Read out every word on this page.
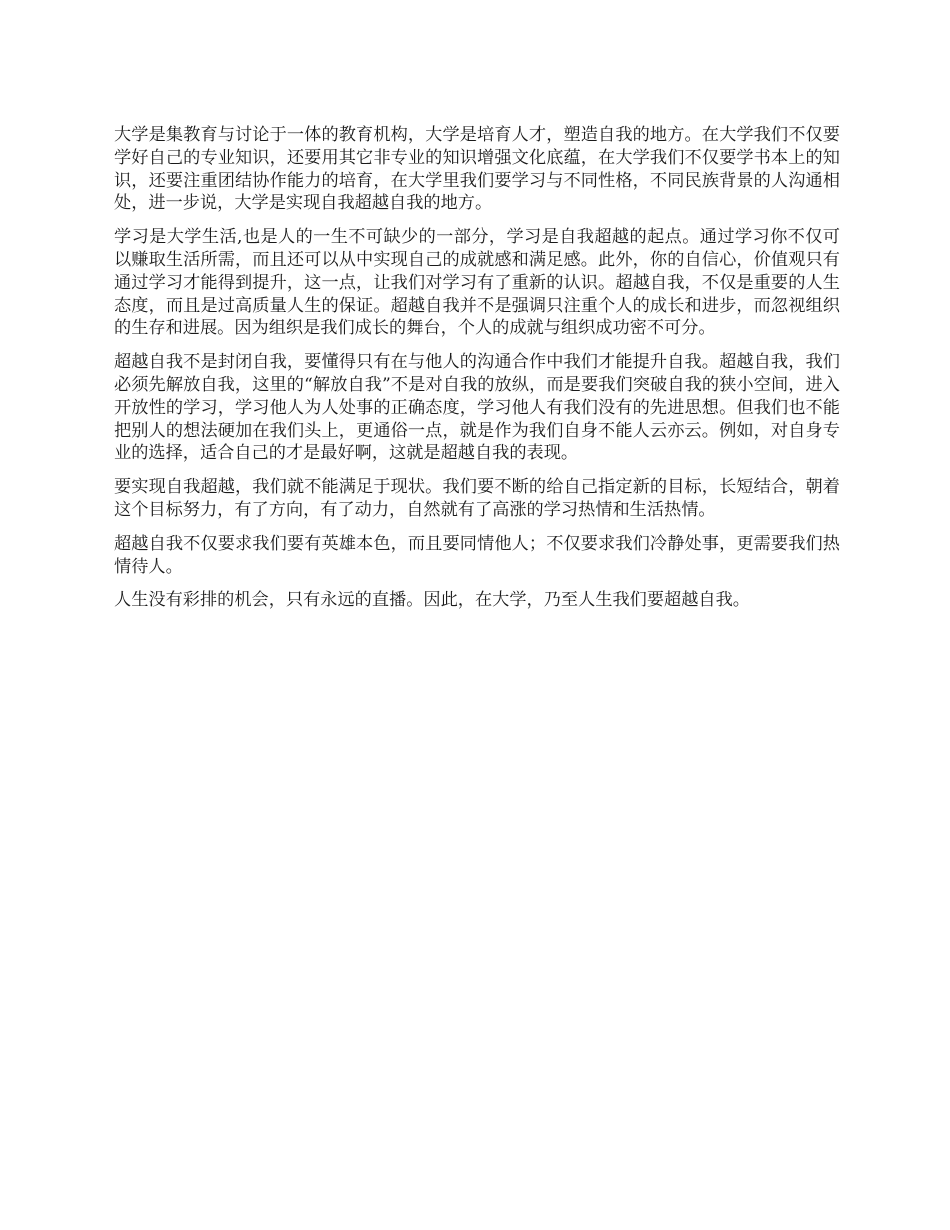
大学是集教育与讨论于一体的教育机构，大学是培育人才，塑造自我的地方。在大学我们不仅要学好自己的专业知识，还要用其它非专业的知识增强文化底蕴，在大学我们不仅要学书本上的知识，还要注重团结协作能力的培育，在大学里我们要学习与不同性格，不同民族背景的人沟通相处，进一步说，大学是实现自我超越自我的地方。

学习是大学生活,也是人的一生不可缺少的一部分，学习是自我超越的起点。通过学习你不仅可以赚取生活所需，而且还可以从中实现自己的成就感和满足感。此外，你的自信心，价值观只有通过学习才能得到提升，这一点，让我们对学习有了重新的认识。超越自我，不仅是重要的人生态度，而且是过高质量人生的保证。超越自我并不是强调只注重个人的成长和进步，而忽视组织的生存和进展。因为组织是我们成长的舞台，个人的成就与组织成功密不可分。

超越自我不是封闭自我，要懂得只有在与他人的沟通合作中我们才能提升自我。超越自我，我们必须先解放自我，这里的“解放自我”不是对自我的放纵，而是要我们突破自我的狭小空间，进入开放性的学习，学习他人为人处事的正确态度，学习他人有我们没有的先进思想。但我们也不能把别人的想法硬加在我们头上，更通俗一点，就是作为我们自身不能人云亦云。例如，对自身专业的选择，适合自己的才是最好啊，这就是超越自我的表现。

要实现自我超越，我们就不能满足于现状。我们要不断的给自己指定新的目标，长短结合，朝着这个目标努力，有了方向，有了动力，自然就有了高涨的学习热情和生活热情。

超越自我不仅要求我们要有英雄本色，而且要同情他人；不仅要求我们冷静处事，更需要我们热情待人。

人生没有彩排的机会，只有永远的直播。因此，在大学，乃至人生我们要超越自我。
